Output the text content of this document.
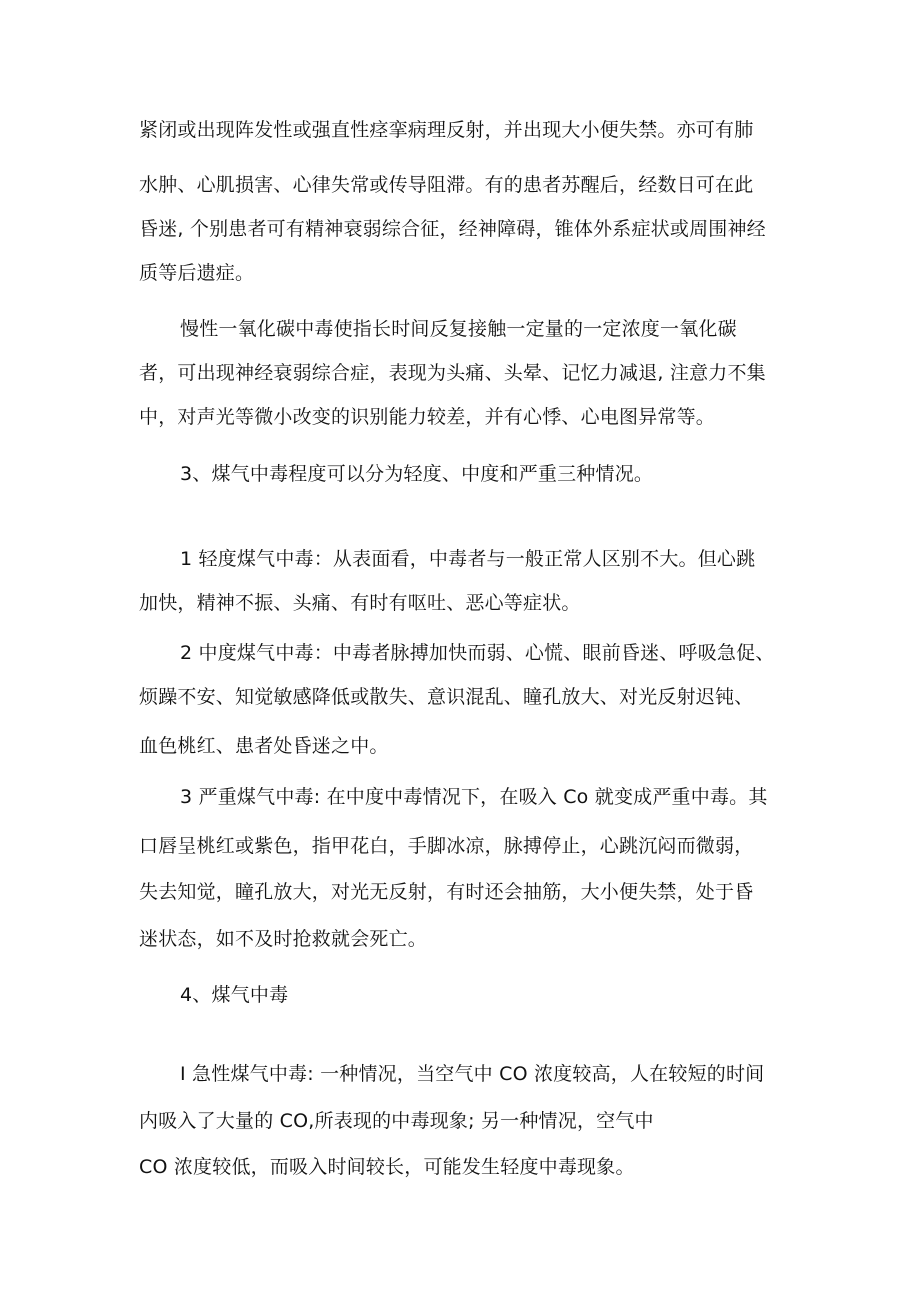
紧闭或出现阵发性或强直性痉挛病理反射，并出现大小便失禁。亦可有肺
水肿、心肌损害、心律失常或传导阻滞。有的患者苏醒后，经数日可在此
昏迷, 个别患者可有精神衰弱综合征，经神障碍，锥体外系症状或周围神经
质等后遗症。
慢性一氧化碳中毒使指长时间反复接触一定量的一定浓度一氧化碳
者，可出现神经衰弱综合症，表现为头痛、头晕、记忆力减退, 注意力不集
中，对声光等微小改变的识别能力较差，并有心悸、心电图异常等。
3、煤气中毒程度可以分为轻度、中度和严重三种情况。
1 轻度煤气中毒：从表面看，中毒者与一般正常人区别不大。但心跳
加快，精神不振、头痛、有时有呕吐、恶心等症状。
2 中度煤气中毒：中毒者脉搏加快而弱、心慌、眼前昏迷、呼吸急促、
烦躁不安、知觉敏感降低或散失、意识混乱、瞳孔放大、对光反射迟钝、
血色桃红、患者处昏迷之中。
3 严重煤气中毒: 在中度中毒情况下，在吸入 Co 就变成严重中毒。其
口唇呈桃红或紫色，指甲花白，手脚冰凉，脉搏停止，心跳沉闷而微弱，
失去知觉，瞳孔放大，对光无反射，有时还会抽筋，大小便失禁，处于昏
迷状态，如不及时抢救就会死亡。
4、煤气中毒
I 急性煤气中毒: 一种情况，当空气中 CO 浓度较高，人在较短的时间
内吸入了大量的 CO,所表现的中毒现象; 另一种情况，空气中
CO 浓度较低，而吸入时间较长，可能发生轻度中毒现象。
